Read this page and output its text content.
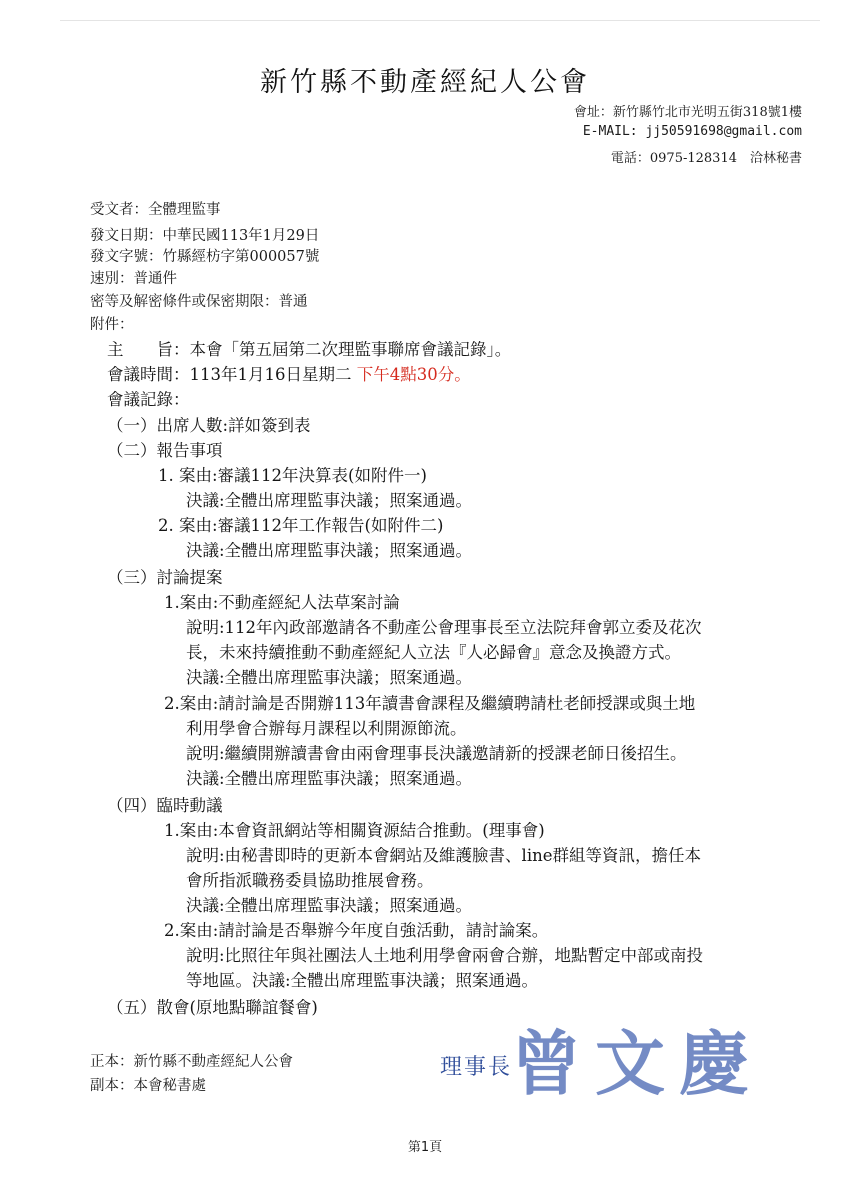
新竹縣不動產經紀人公會
會址：新竹縣竹北市光明五街318號1樓
E-MAIL: jj50591698@gmail.com
電話：0975-128314　洽林秘書
受文者：全體理監事
發文日期：中華民國113年1月29日
發文字號：竹縣經枋字第000057號
速別：普通件
密等及解密條件或保密期限：普通
附件：
主　　旨：本會「第五屆第二次理監事聯席會議記錄」。
會議時間：113年1月16日星期二 下午4點30分。
會議記錄：
（一）出席人數:詳如簽到表
（二）報告事項
1. 案由:審議112年決算表(如附件一)
決議:全體出席理監事決議；照案通過。
2. 案由:審議112年工作報告(如附件二)
決議:全體出席理監事決議；照案通過。
（三）討論提案
1.案由:不動產經紀人法草案討論
說明:112年內政部邀請各不動產公會理事長至立法院拜會郭立委及花次
長，未來持續推動不動產經紀人立法『人必歸會』意念及換證方式。
決議:全體出席理監事決議；照案通過。
2.案由:請討論是否開辦113年讀書會課程及繼續聘請杜老師授課或與土地
利用學會合辦每月課程以利開源節流。
說明:繼續開辦讀書會由兩會理事長決議邀請新的授課老師日後招生。
決議:全體出席理監事決議；照案通過。
（四）臨時動議
1.案由:本會資訊網站等相關資源結合推動。(理事會)
說明:由秘書即時的更新本會網站及維護臉書、line群組等資訊，擔任本
會所指派職務委員協助推展會務。
決議:全體出席理監事決議；照案通過。
2.案由:請討論是否舉辦今年度自強活動，請討論案。
說明:比照往年與社團法人土地利用學會兩會合辦，地點暫定中部或南投
等地區。決議:全體出席理監事決議；照案通過。
（五）散會(原地點聯誼餐會)
正本：新竹縣不動產經紀人公會
副本：本會秘書處
理事長
曾文慶
第1頁
